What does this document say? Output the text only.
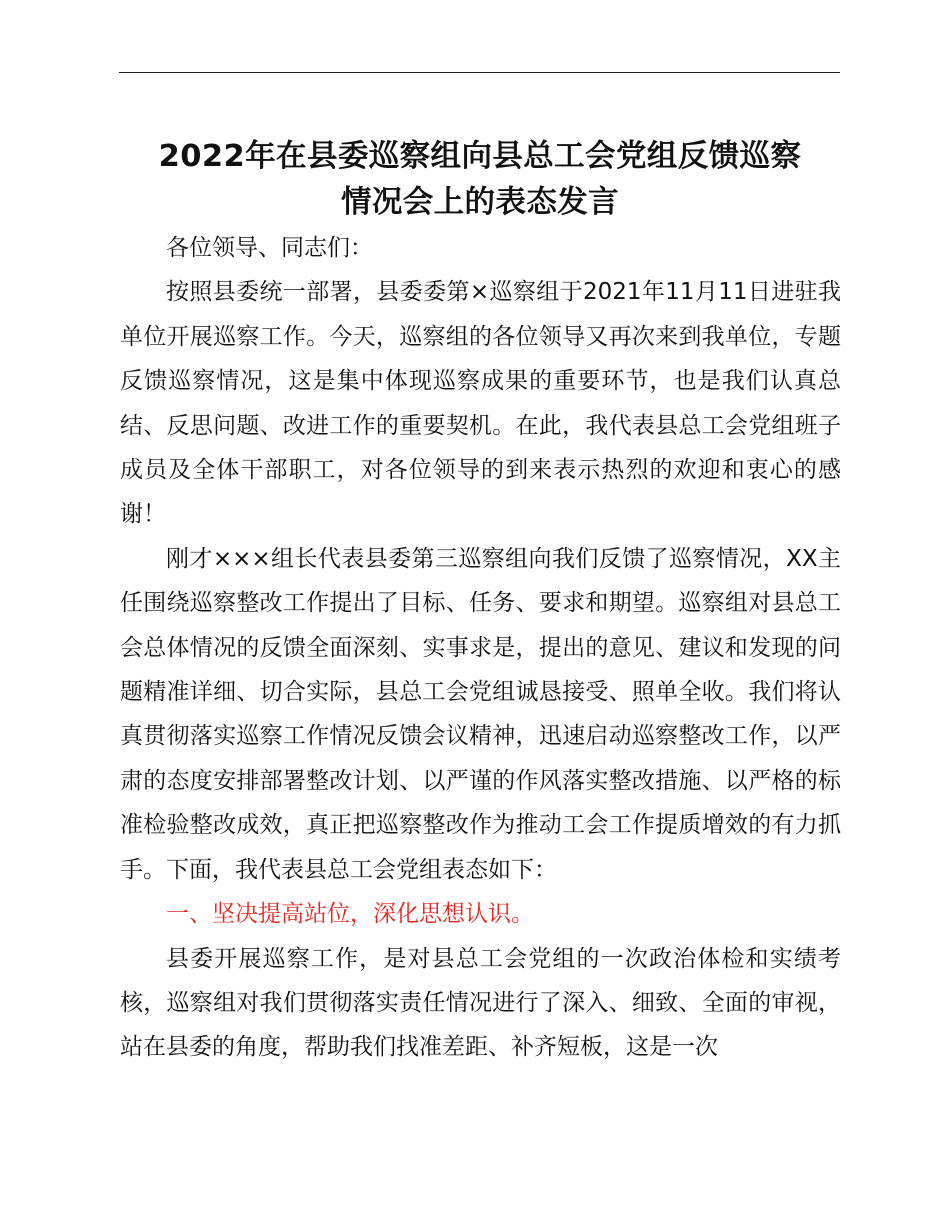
2022年在县委巡察组向县总工会党组反馈巡察
情况会上的表态发言

各位领导、同志们：

按照县委统一部署，县委委第×巡察组于2021年11月11日进驻我单位开展巡察工作。今天，巡察组的各位领导又再次来到我单位，专题反馈巡察情况，这是集中体现巡察成果的重要环节，也是我们认真总结、反思问题、改进工作的重要契机。在此，我代表县总工会党组班子成员及全体干部职工，对各位领导的到来表示热烈的欢迎和衷心的感谢！

刚才×××组长代表县委第三巡察组向我们反馈了巡察情况，XX主任围绕巡察整改工作提出了目标、任务、要求和期望。巡察组对县总工会总体情况的反馈全面深刻、实事求是，提出的意见、建议和发现的问题精准详细、切合实际，县总工会党组诚恳接受、照单全收。我们将认真贯彻落实巡察工作情况反馈会议精神，迅速启动巡察整改工作，以严肃的态度安排部署整改计划、以严谨的作风落实整改措施、以严格的标准检验整改成效，真正把巡察整改作为推动工会工作提质增效的有力抓手。下面，我代表县总工会党组表态如下：

一、坚决提高站位，深化思想认识。

县委开展巡察工作，是对县总工会党组的一次政治体检和实绩考核，巡察组对我们贯彻落实责任情况进行了深入、细致、全面的审视，站在县委的角度，帮助我们找准差距、补齐短板，这是一次
